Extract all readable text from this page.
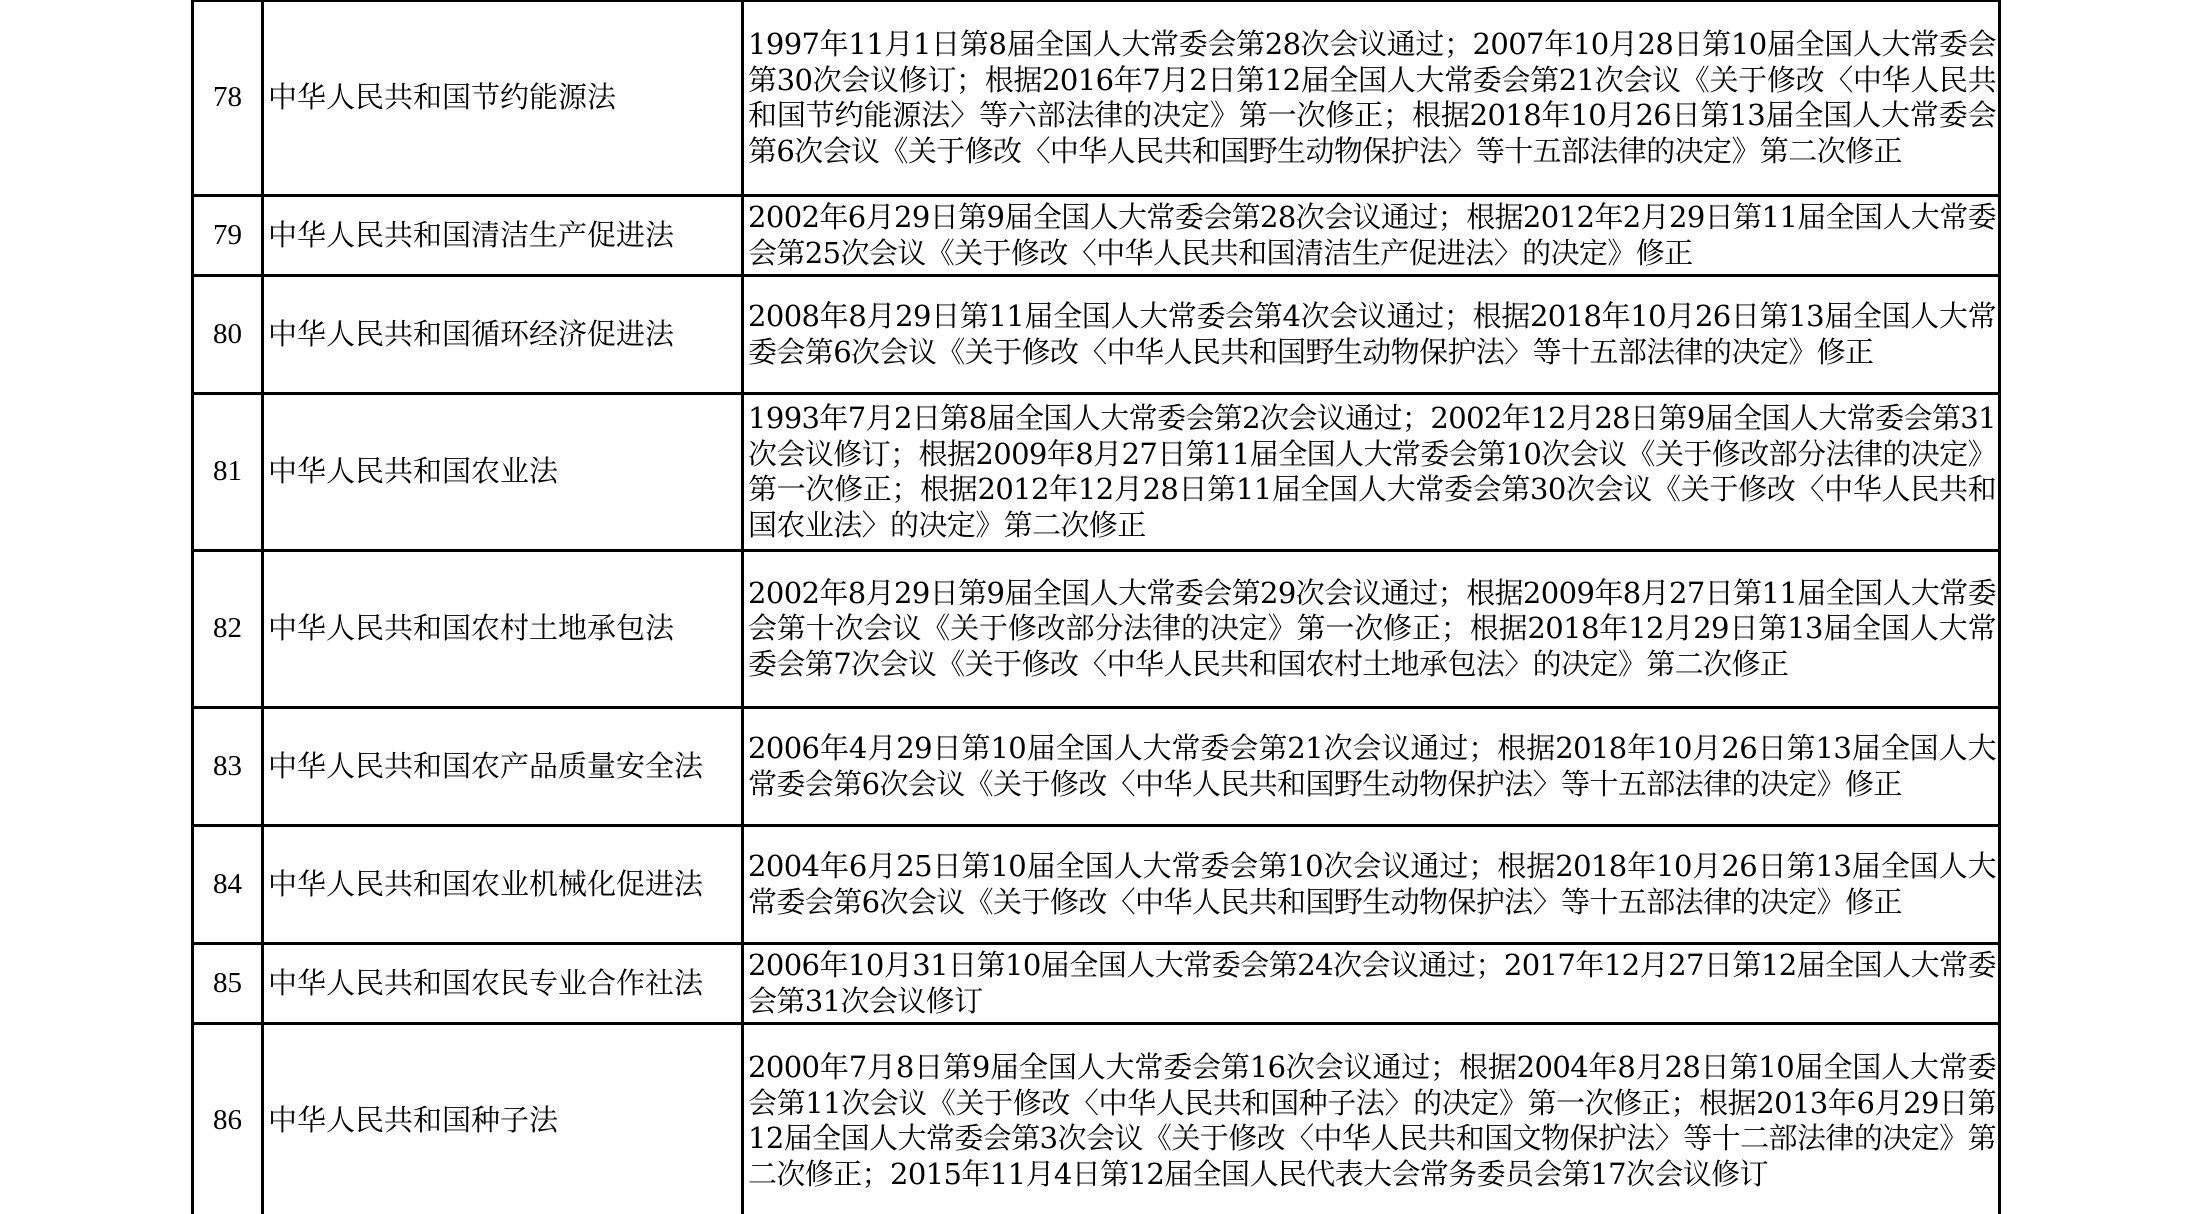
78	中华人民共和国节约能源法	1997年11月1日第8届全国人大常委会第28次会议通过；2007年10月28日第10届全国人大常委会第30次会议修订；根据2016年7月2日第12届全国人大常委会第21次会议《关于修改〈中华人民共和国节约能源法〉等六部法律的决定》第一次修正；根据2018年10月26日第13届全国人大常委会第6次会议《关于修改〈中华人民共和国野生动物保护法〉等十五部法律的决定》第二次修正
79	中华人民共和国清洁生产促进法	2002年6月29日第9届全国人大常委会第28次会议通过；根据2012年2月29日第11届全国人大常委会第25次会议《关于修改〈中华人民共和国清洁生产促进法〉的决定》修正
80	中华人民共和国循环经济促进法	2008年8月29日第11届全国人大常委会第4次会议通过；根据2018年10月26日第13届全国人大常委会第6次会议《关于修改〈中华人民共和国野生动物保护法〉等十五部法律的决定》修正
81	中华人民共和国农业法	1993年7月2日第8届全国人大常委会第2次会议通过；2002年12月28日第9届全国人大常委会第31次会议修订；根据2009年8月27日第11届全国人大常委会第10次会议《关于修改部分法律的决定》第一次修正；根据2012年12月28日第11届全国人大常委会第30次会议《关于修改〈中华人民共和国农业法〉的决定》第二次修正
82	中华人民共和国农村土地承包法	2002年8月29日第9届全国人大常委会第29次会议通过；根据2009年8月27日第11届全国人大常委会第十次会议《关于修改部分法律的决定》第一次修正；根据2018年12月29日第13届全国人大常委会第7次会议《关于修改〈中华人民共和国农村土地承包法〉的决定》第二次修正
83	中华人民共和国农产品质量安全法	2006年4月29日第10届全国人大常委会第21次会议通过；根据2018年10月26日第13届全国人大常委会第6次会议《关于修改〈中华人民共和国野生动物保护法〉等十五部法律的决定》修正
84	中华人民共和国农业机械化促进法	2004年6月25日第10届全国人大常委会第10次会议通过；根据2018年10月26日第13届全国人大常委会第6次会议《关于修改〈中华人民共和国野生动物保护法〉等十五部法律的决定》修正
85	中华人民共和国农民专业合作社法	2006年10月31日第10届全国人大常委会第24次会议通过；2017年12月27日第12届全国人大常委会第31次会议修订
86	中华人民共和国种子法	2000年7月8日第9届全国人大常委会第16次会议通过；根据2004年8月28日第10届全国人大常委会第11次会议《关于修改〈中华人民共和国种子法〉的决定》第一次修正；根据2013年6月29日第12届全国人大常委会第3次会议《关于修改〈中华人民共和国文物保护法〉等十二部法律的决定》第二次修正；2015年11月4日第12届全国人民代表大会常务委员会第17次会议修订
